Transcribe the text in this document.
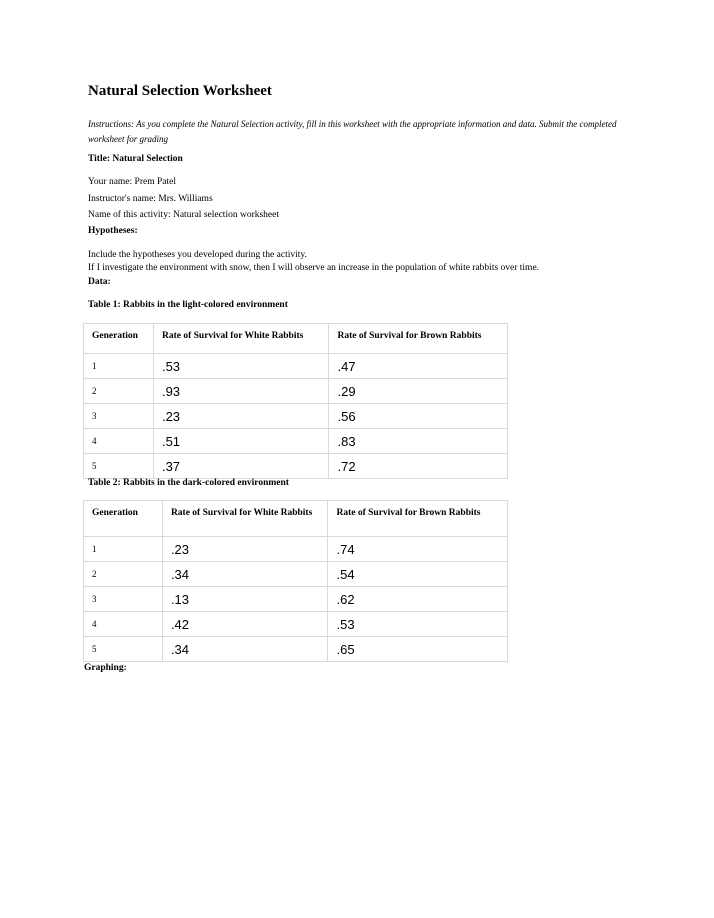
Natural Selection Worksheet
Instructions: As you complete the Natural Selection activity, fill in this worksheet with the appropriate information and data. Submit the completed worksheet for grading
Title: Natural Selection
Your name: Prem Patel
Instructor's name: Mrs. Williams
Name of this activity: Natural selection worksheet
Hypotheses:
Include the hypotheses you developed during the activity.
If I investigate the environment with snow, then I will observe an increase in the population of white rabbits over time.
Data:
Table 1: Rabbits in the light-colored environment
Generation	Rate of Survival for White Rabbits	Rate of Survival for Brown Rabbits
1	.53	.47
2	.93	.29
3	.23	.56
4	.51	.83
5	.37	.72
Table 2: Rabbits in the dark-colored environment
Generation	Rate of Survival for White Rabbits	Rate of Survival for Brown Rabbits
1	.23	.74
2	.34	.54
3	.13	.62
4	.42	.53
5	.34	.65
Graphing:
